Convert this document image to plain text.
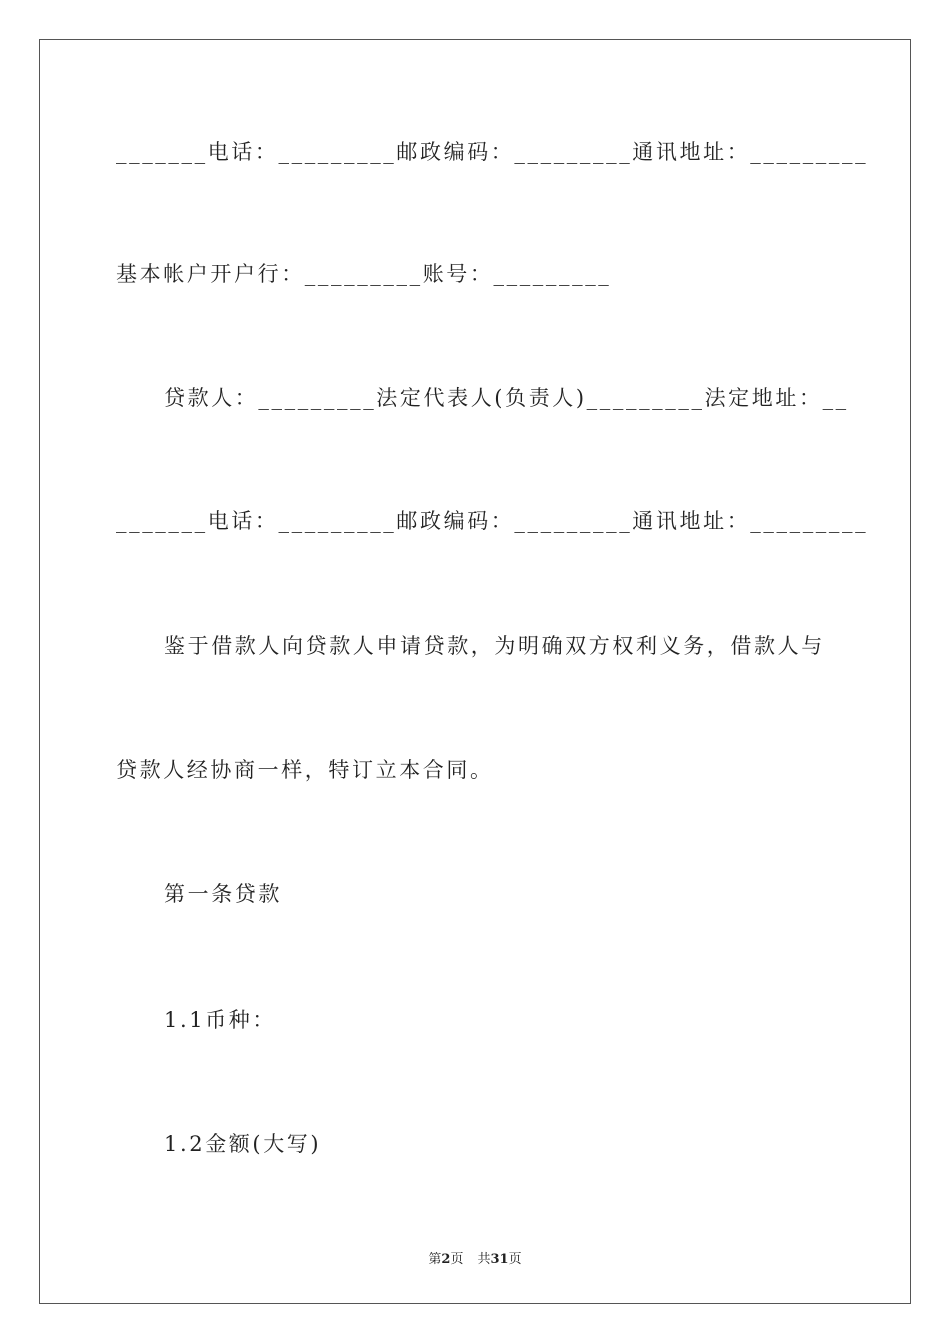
_______电话：_________邮政编码：_________通讯地址：_________
基本帐户开户行：_________账号：_________
贷款人：_________法定代表人(负责人)_________法定地址：__
_______电话：_________邮政编码：_________通讯地址：_________
鉴于借款人向贷款人申请贷款，为明确双方权利义务，借款人与
贷款人经协商一样，特订立本合同。
第一条贷款
1.1币种：
1.2金额(大写)
第2页 共31页
